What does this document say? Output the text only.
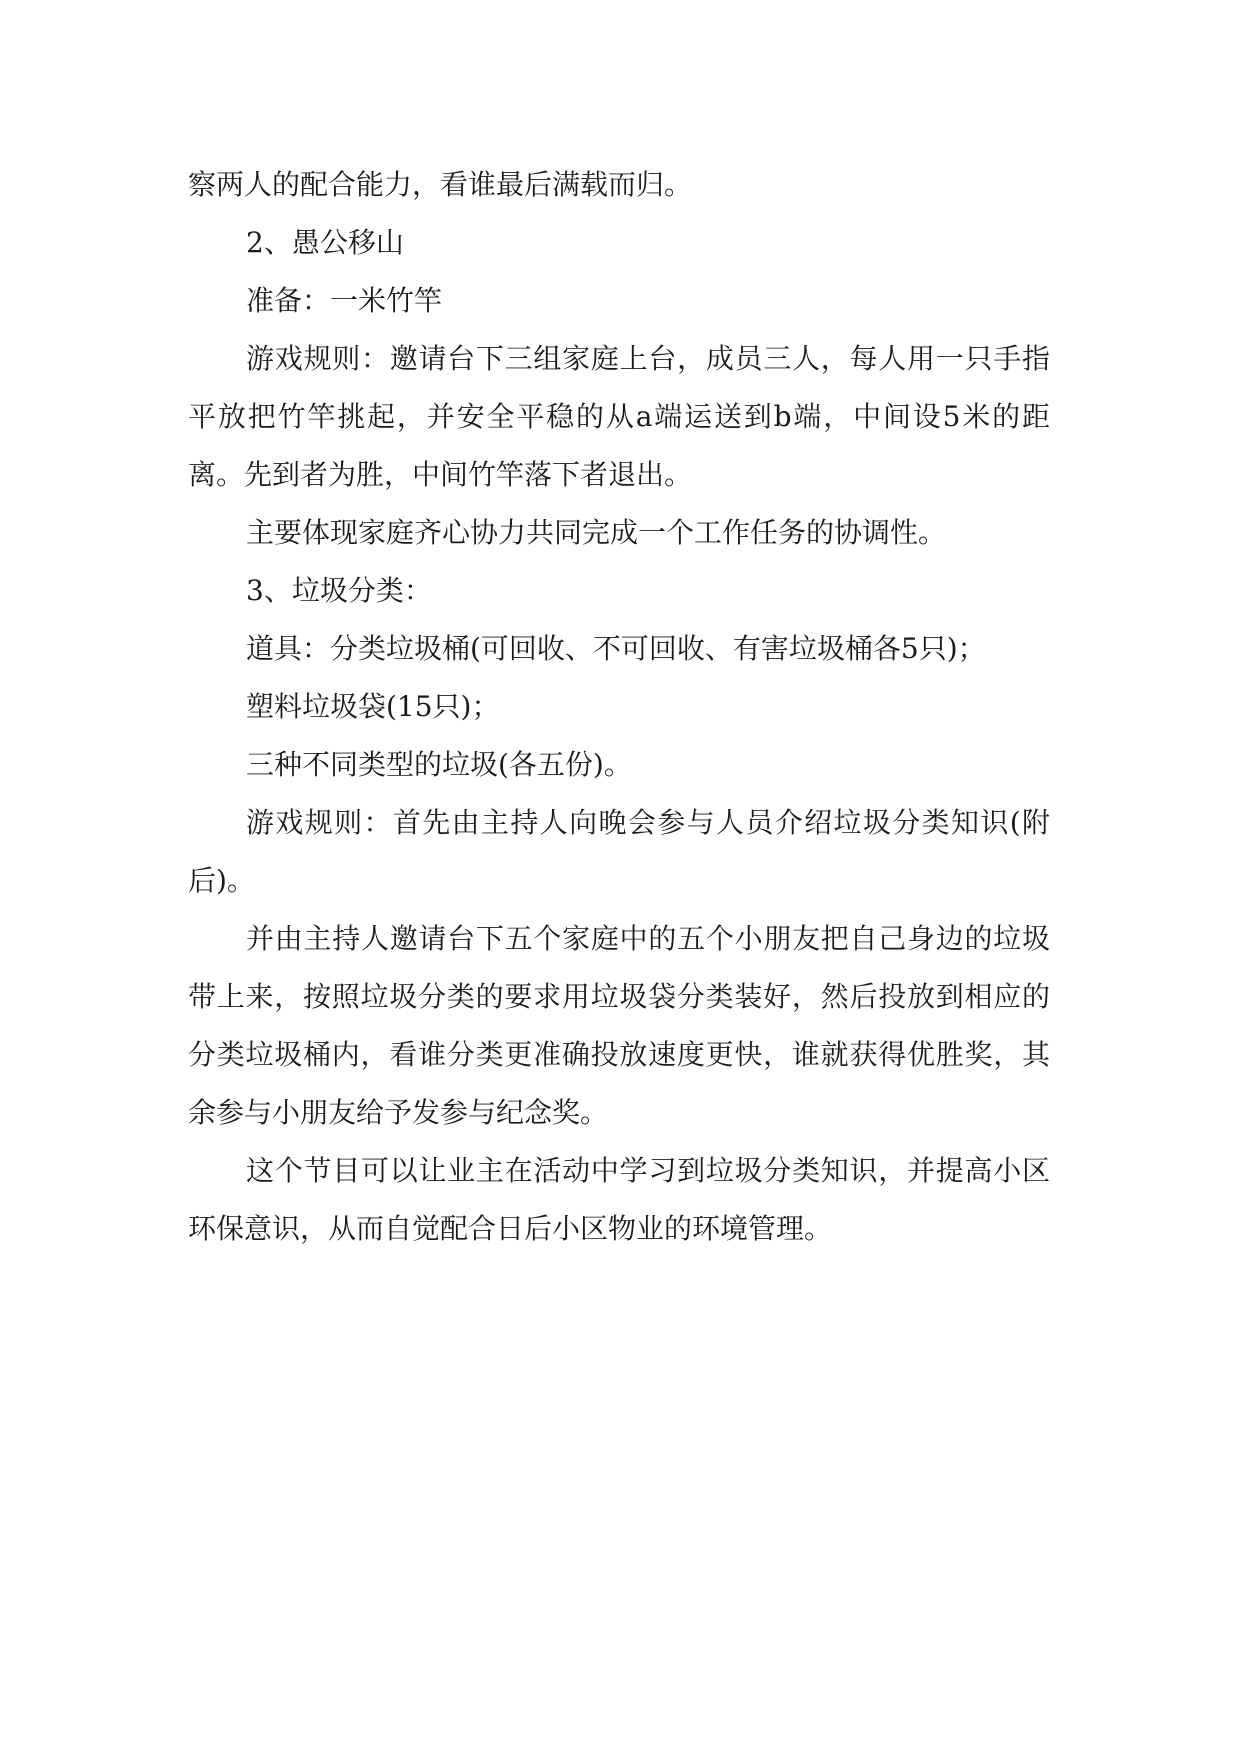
察两人的配合能力，看谁最后满载而归。

2、愚公移山

准备：一米竹竿

游戏规则：邀请台下三组家庭上台，成员三人，每人用一只手指平放把竹竿挑起，并安全平稳的从a端运送到b端，中间设5米的距离。先到者为胜，中间竹竿落下者退出。

主要体现家庭齐心协力共同完成一个工作任务的协调性。

3、垃圾分类：

道具：分类垃圾桶(可回收、不可回收、有害垃圾桶各5只)；

塑料垃圾袋(15只)；

三种不同类型的垃圾(各五份)。

游戏规则：首先由主持人向晚会参与人员介绍垃圾分类知识(附后)。

并由主持人邀请台下五个家庭中的五个小朋友把自己身边的垃圾带上来，按照垃圾分类的要求用垃圾袋分类装好，然后投放到相应的分类垃圾桶内，看谁分类更准确投放速度更快，谁就获得优胜奖，其余参与小朋友给予发参与纪念奖。

这个节目可以让业主在活动中学习到垃圾分类知识，并提高小区环保意识，从而自觉配合日后小区物业的环境管理。
